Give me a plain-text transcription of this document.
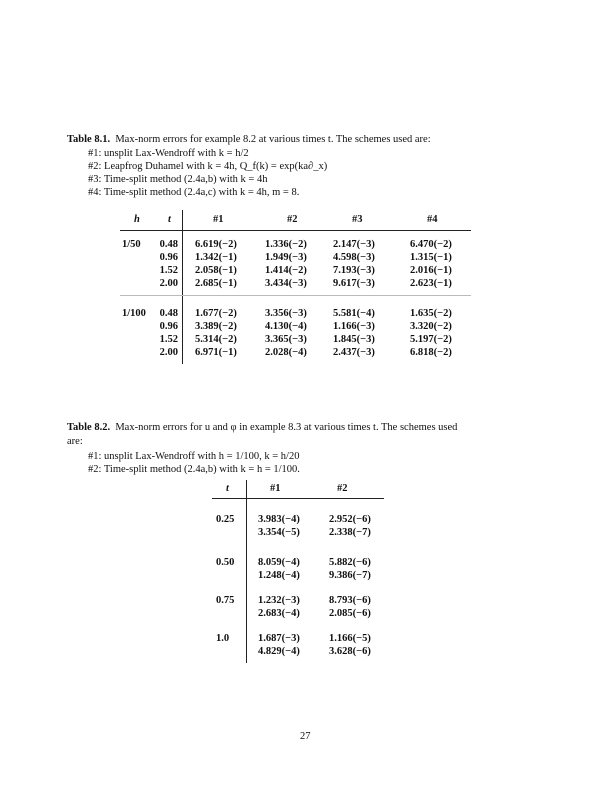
Table 8.1. Max-norm errors for example 8.2 at various times t. The schemes used are:
#1: unsplit Lax-Wendroff with k = h/2
#2: Leapfrog Duhamel with k = 4h, Q_f(k) = exp(ka∂_x)
#3: Time-split method (2.4a,b) with k = 4h
#4: Time-split method (2.4a,c) with k = 4h, m = 8.
h	t	#1	#2	#3	#4
1/50	0.48 6.619(−2)	1.336(−2) 2.147(−3)	6.470(−2)
0.96 1.342(−1)	1.949(−3) 4.598(−3)	1.315(−1)
1.52 2.058(−1)	1.414(−2) 7.193(−3)	2.016(−1)
2.00 2.685(−1)	3.434(−3) 9.617(−3)	2.623(−1)
1/100	0.48 1.677(−2)	3.356(−3) 5.581(−4)	1.635(−2)
0.96 3.389(−2)	4.130(−4) 1.166(−3)	3.320(−2)
1.52 5.314(−2)	3.365(−3) 1.845(−3)	5.197(−2)
2.00 6.971(−1)	2.028(−4) 2.437(−3)	6.818(−2)
Table 8.2. Max-norm errors for u and φ in example 8.3 at various times t. The schemes used
are:
#1: unsplit Lax-Wendroff with h = 1/100, k = h/20
#2: Time-split method (2.4a,b) with k = h = 1/100.
t	#1	#2
0.25 3.983(−4)	2.952(−6)
3.354(−5)	2.338(−7)
0.50 8.059(−4)	5.882(−6)
1.248(−4)	9.386(−7)
0.75 1.232(−3)	8.793(−6)
2.683(−4)	2.085(−6)
1.0	1.687(−3)	1.166(−5)
4.829(−4)	3.628(−6)
27
